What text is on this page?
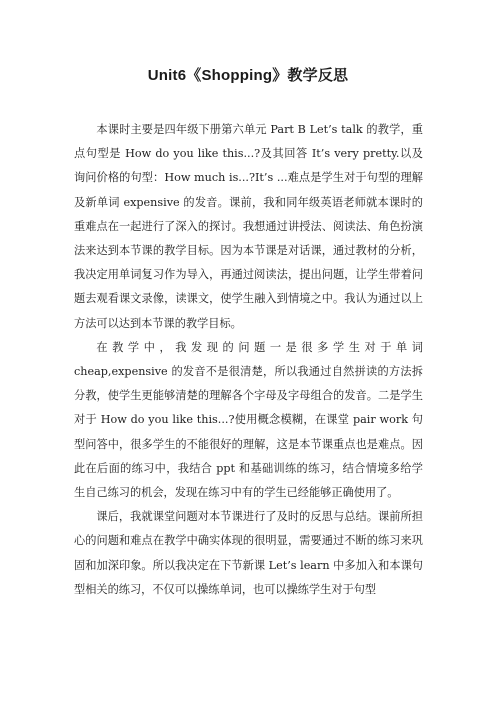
Unit6《Shopping》教学反思

本课时主要是四年级下册第六单元 Part B Let’s talk 的教学，重点句型是 How do you like this...?及其回答 It’s very pretty.以及询问价格的句型：How much is...?It’s ...难点是学生对于句型的理解及新单词 expensive 的发音。课前，我和同年级英语老师就本课时的重难点在一起进行了深入的探讨。我想通过讲授法、阅读法、角色扮演法来达到本节课的教学目标。因为本节课是对话课，通过教材的分析，我决定用单词复习作为导入，再通过阅读法，提出问题，让学生带着问题去观看课文录像，读课文，使学生融入到情境之中。我认为通过以上方法可以达到本节课的教学目标。

在教学中，我发现的问题一是很多学生对于单词 cheap,expensive 的发音不是很清楚，所以我通过自然拼读的方法拆分教，使学生更能够清楚的理解各个字母及字母组合的发音。二是学生对于 How do you like this...?使用概念模糊，在课堂 pair work 句型问答中，很多学生的不能很好的理解，这是本节课重点也是难点。因此在后面的练习中，我结合 ppt 和基础训练的练习，结合情境多给学生自己练习的机会，发现在练习中有的学生已经能够正确使用了。

课后，我就课堂问题对本节课进行了及时的反思与总结。课前所担心的问题和难点在教学中确实体现的很明显，需要通过不断的练习来巩固和加深印象。所以我决定在下节新课 Let’s learn 中多加入和本课句型相关的练习，不仅可以操练单词，也可以操练学生对于句型
